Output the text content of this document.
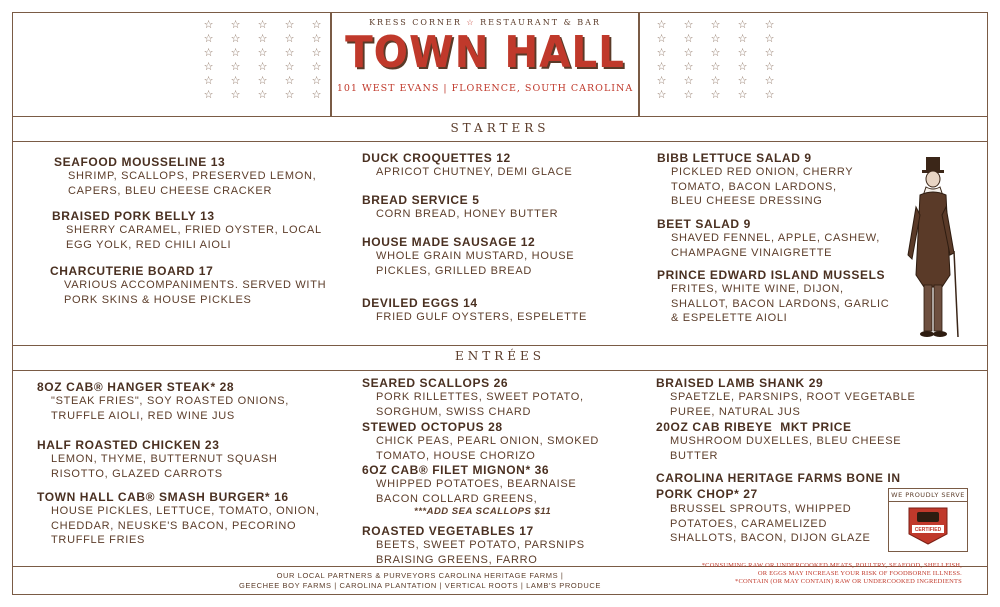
☆	☆	☆	☆	☆
☆	☆	☆	☆	☆
☆	☆	☆	☆	☆
☆	☆	☆	☆	☆
☆	☆	☆	☆	☆
☆	☆	☆	☆	☆
☆	☆	☆	☆	☆
☆	☆	☆	☆	☆
☆	☆	☆	☆	☆
☆	☆	☆	☆	☆
☆	☆	☆	☆	☆
☆	☆	☆	☆	☆
KRESS CORNER ☆ RESTAURANT & BAR
TOWN HALL
101 WEST EVANS | FLORENCE, SOUTH CAROLINA
STARTERS
SEAFOOD MOUSSELINE 13
SHRIMP, SCALLOPS, PRESERVED LEMON, CAPERS, BLEU CHEESE CRACKER
BRAISED PORK BELLY 13
SHERRY CARAMEL, FRIED OYSTER, LOCAL EGG YOLK, RED CHILI AIOLI
CHARCUTERIE BOARD 17
VARIOUS ACCOMPANIMENTS. SERVED WITH PORK SKINS & HOUSE PICKLES
DUCK CROQUETTES 12
APRICOT CHUTNEY, DEMI GLACE
BREAD SERVICE 5
CORN BREAD, HONEY BUTTER
HOUSE MADE SAUSAGE 12
WHOLE GRAIN MUSTARD, HOUSE PICKLES, GRILLED BREAD
DEVILED EGGS 14
FRIED GULF OYSTERS, ESPELETTE
BIBB LETTUCE SALAD 9
PICKLED RED ONION, CHERRY TOMATO, BACON LARDONS, BLEU CHEESE DRESSING
BEET SALAD 9
SHAVED FENNEL, APPLE, CASHEW, CHAMPAGNE VINAIGRETTE
PRINCE EDWARD ISLAND MUSSELS
FRITES, WHITE WINE, DIJON, SHALLOT, BACON LARDONS, GARLIC & ESPELETTE AIOLI
ENTRÉES
8OZ CAB® HANGER STEAK* 28
"STEAK FRIES", SOY ROASTED ONIONS, TRUFFLE AIOLI, RED WINE JUS
HALF ROASTED CHICKEN 23
LEMON, THYME, BUTTERNUT SQUASH RISOTTO, GLAZED CARROTS
TOWN HALL CAB® SMASH BURGER* 16
HOUSE PICKLES, LETTUCE, TOMATO, ONION, CHEDDAR, NEUSKE'S BACON, PECORINO TRUFFLE FRIES
SEARED SCALLOPS 26
PORK RILLETTES, SWEET POTATO, SORGHUM, SWISS CHARD
STEWED OCTOPUS 28
CHICK PEAS, PEARL ONION, SMOKED TOMATO, HOUSE CHORIZO
6OZ CAB® FILET MIGNON* 36
WHIPPED POTATOES, BEARNAISE BACON COLLARD GREENS,
***ADD SEA SCALLOPS $11
ROASTED VEGETABLES 17
BEETS, SWEET POTATO, PARSNIPS BRAISING GREENS, FARRO
BRAISED LAMB SHANK 29
SPAETZLE, PARSNIPS, ROOT VEGETABLE PUREE, NATURAL JUS
20OZ CAB RIBEYE  MKT PRICE
MUSHROOM DUXELLES, BLEU CHEESE BUTTER
CAROLINA HERITAGE FARMS BONE IN PORK CHOP* 27
BRUSSEL SPROUTS, WHIPPED POTATOES, CARAMELIZED SHALLOTS, BACON, DIJON GLAZE
WE PROUDLY SERVE
CERTIFIED
OUR LOCAL PARTNERS & PURVEYORS CAROLINA HERITAGE FARMS |
GEECHEE BOY FARMS | CAROLINA PLANTATION | VERTICAL ROOTS | LAMB'S PRODUCE
*CONSUMING RAW OR UNDERCOOKED MEATS, POULTRY, SEAFOOD, SHELLFISH,
OR EGGS MAY INCREASE YOUR RISK OF FOODBORNE ILLNESS.
*CONTAIN (OR MAY CONTAIN) RAW OR UNDERCOOKED INGREDIENTS
